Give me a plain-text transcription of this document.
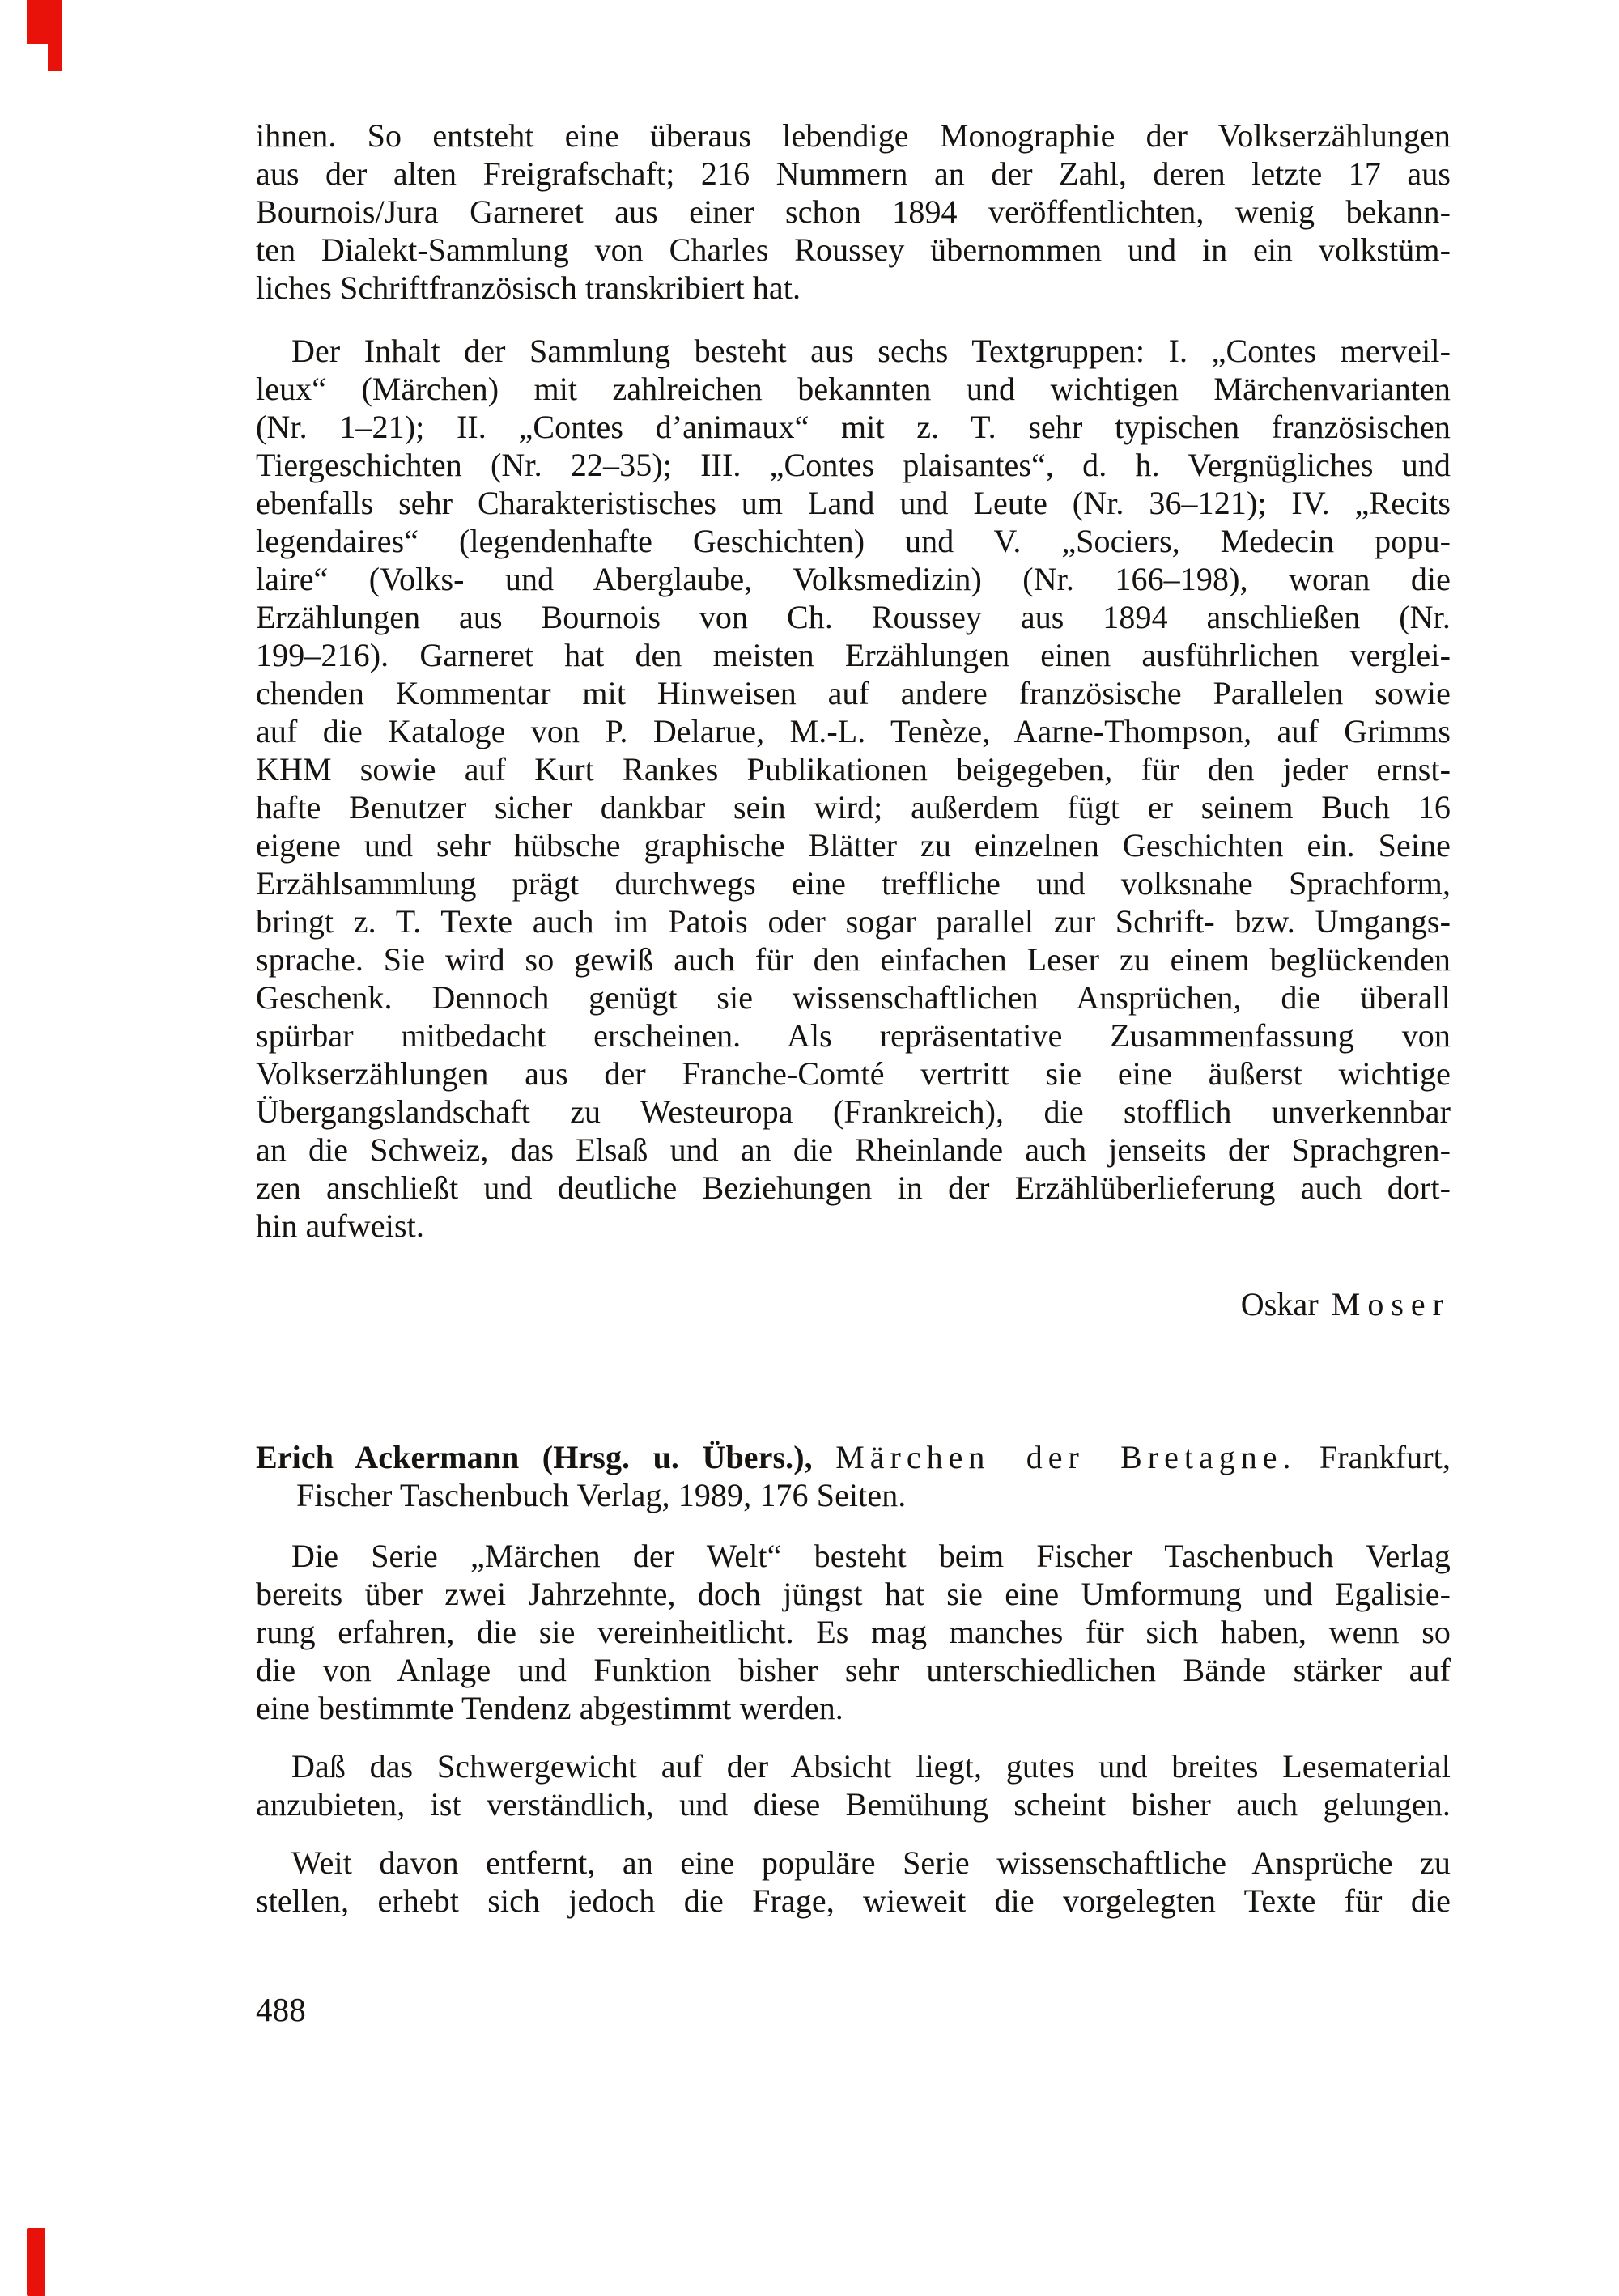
ihnen. So entsteht eine überaus lebendige Monographie der Volkserzählungen
aus der alten Freigrafschaft; 216 Nummern an der Zahl, deren letzte 17 aus
Bournois/Jura Garneret aus einer schon 1894 veröffentlichten, wenig bekann-
ten Dialekt-Sammlung von Charles Roussey übernommen und in ein volkstüm-
liches Schriftfranzösisch transkribiert hat.
Der Inhalt der Sammlung besteht aus sechs Textgruppen: I. „Contes merveil-
leux“ (Märchen) mit zahlreichen bekannten und wichtigen Märchenvarianten
(Nr. 1–21); II. „Contes d’animaux“ mit z. T. sehr typischen französischen
Tiergeschichten (Nr. 22–35); III. „Contes plaisantes“, d. h. Vergnügliches und
ebenfalls sehr Charakteristisches um Land und Leute (Nr. 36–121); IV. „Recits
legendaires“ (legendenhafte Geschichten) und V. „Sociers, Medecin popu-
laire“ (Volks- und Aberglaube, Volksmedizin) (Nr. 166–198), woran die
Erzählungen aus Bournois von Ch. Roussey aus 1894 anschließen (Nr.
199–216). Garneret hat den meisten Erzählungen einen ausführlichen verglei-
chenden Kommentar mit Hinweisen auf andere französische Parallelen sowie
auf die Kataloge von P. Delarue, M.-L. Tenèze, Aarne-Thompson, auf Grimms
KHM sowie auf Kurt Rankes Publikationen beigegeben, für den jeder ernst-
hafte Benutzer sicher dankbar sein wird; außerdem fügt er seinem Buch 16
eigene und sehr hübsche graphische Blätter zu einzelnen Geschichten ein. Seine
Erzählsammlung prägt durchwegs eine treffliche und volksnahe Sprachform,
bringt z. T. Texte auch im Patois oder sogar parallel zur Schrift- bzw. Umgangs-
sprache. Sie wird so gewiß auch für den einfachen Leser zu einem beglückenden
Geschenk. Dennoch genügt sie wissenschaftlichen Ansprüchen, die überall
spürbar mitbedacht erscheinen. Als repräsentative Zusammenfassung von
Volkserzählungen aus der Franche-Comté vertritt sie eine äußerst wichtige
Übergangslandschaft zu Westeuropa (Frankreich), die stofflich unverkennbar
an die Schweiz, das Elsaß und an die Rheinlande auch jenseits der Sprachgren-
zen anschließt und deutliche Beziehungen in der Erzählüberlieferung auch dort-
hin aufweist.
Oskar Moser
Erich Ackermann (Hrsg. u. Übers.), Märchen der Bretagne. Frankfurt,
Fischer Taschenbuch Verlag, 1989, 176 Seiten.
Die Serie „Märchen der Welt“ besteht beim Fischer Taschenbuch Verlag
bereits über zwei Jahrzehnte, doch jüngst hat sie eine Umformung und Egalisie-
rung erfahren, die sie vereinheitlicht. Es mag manches für sich haben, wenn so
die von Anlage und Funktion bisher sehr unterschiedlichen Bände stärker auf
eine bestimmte Tendenz abgestimmt werden.
Daß das Schwergewicht auf der Absicht liegt, gutes und breites Lesematerial
anzubieten, ist verständlich, und diese Bemühung scheint bisher auch gelungen.
Weit davon entfernt, an eine populäre Serie wissenschaftliche Ansprüche zu
stellen, erhebt sich jedoch die Frage, wieweit die vorgelegten Texte für die
488
